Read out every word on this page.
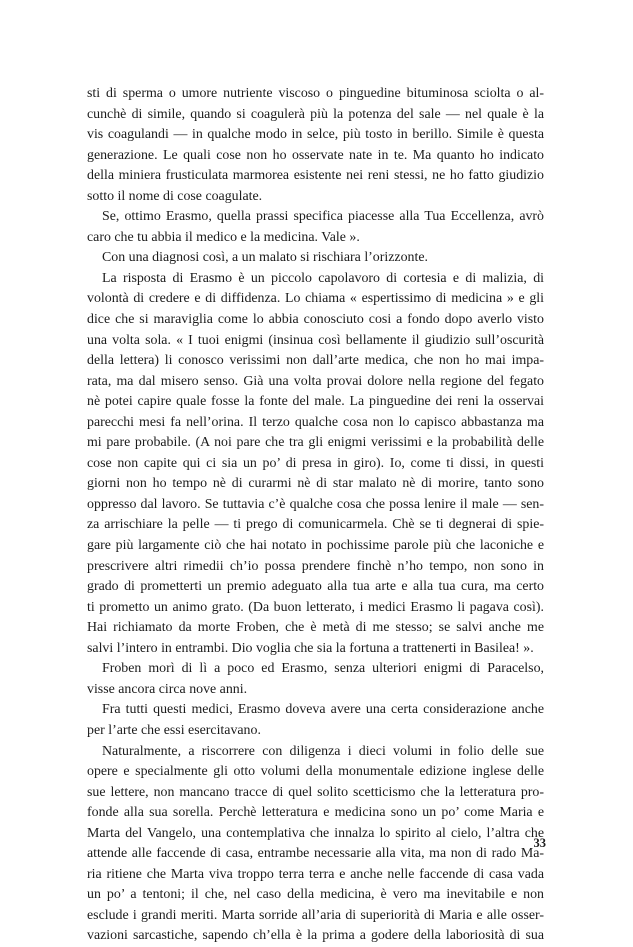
sti di sperma o umore nutriente viscoso o pinguedine bituminosa sciolta o al-
cunchè di simile, quando si coagulerà più la potenza del sale — nel quale è la
vis coagulandi — in qualche modo in selce, più tosto in berillo. Simile è questa
generazione. Le quali cose non ho osservate nate in te. Ma quanto ho indicato
della miniera frusticulata marmorea esistente nei reni stessi, ne ho fatto giudizio
sotto il nome di cose coagulate.
Se, ottimo Erasmo, quella prassi specifica piacesse alla Tua Eccellenza, avrò
caro che tu abbia il medico e la medicina. Vale ».
Con una diagnosi così, a un malato si rischiara l’orizzonte.
La risposta di Erasmo è un piccolo capolavoro di cortesia e di malizia, di
volontà di credere e di diffidenza. Lo chiama « espertissimo di medicina » e gli
dice che si maraviglia come lo abbia conosciuto cosi a fondo dopo averlo visto
una volta sola. « I tuoi enigmi (insinua così bellamente il giudizio sull’oscurità
della lettera) li conosco verissimi non dall’arte medica, che non ho mai impa-
rata, ma dal misero senso. Già una volta provai dolore nella regione del fegato
nè potei capire quale fosse la fonte del male. La pinguedine dei reni la osservai
parecchi mesi fa nell’orina. Il terzo qualche cosa non lo capisco abbastanza ma
mi pare probabile. (A noi pare che tra gli enigmi verissimi e la probabilità delle
cose non capite qui ci sia un po’ di presa in giro). Io, come ti dissi, in questi
giorni non ho tempo nè di curarmi nè di star malato nè di morire, tanto sono
oppresso dal lavoro. Se tuttavia c’è qualche cosa che possa lenire il male — sen-
za arrischiare la pelle — ti prego di comunicarmela. Chè se ti degnerai di spie-
gare più largamente ciò che hai notato in pochissime parole più che laconiche e
prescrivere altri rimedii ch’io possa prendere finchè n’ho tempo, non sono in
grado di prometterti un premio adeguato alla tua arte e alla tua cura, ma certo
ti prometto un animo grato. (Da buon letterato, i medici Erasmo li pagava così).
Hai richiamato da morte Froben, che è metà di me stesso; se salvi anche me
salvi l’intero in entrambi. Dio voglia che sia la fortuna a trattenerti in Basilea! ».
Froben morì di lì a poco ed Erasmo, senza ulteriori enigmi di Paracelso,
visse ancora circa nove anni.
Fra tutti questi medici, Erasmo doveva avere una certa considerazione anche
per l’arte che essi esercitavano.
Naturalmente, a riscorrere con diligenza i dieci volumi in folio delle sue
opere e specialmente gli otto volumi della monumentale edizione inglese delle
sue lettere, non mancano tracce di quel solito scetticismo che la letteratura pro-
fonde alla sua sorella. Perchè letteratura e medicina sono un po’ come Maria e
Marta del Vangelo, una contemplativa che innalza lo spirito al cielo, l’altra che
attende alle faccende di casa, entrambe necessarie alla vita, ma non di rado Ma-
ria ritiene che Marta viva troppo terra terra e anche nelle faccende di casa vada
un po’ a tentoni; il che, nel caso della medicina, è vero ma inevitabile e non
esclude i grandi meriti. Marta sorride all’aria di superiorità di Maria e alle osser-
vazioni sarcastiche, sapendo ch’ella è la prima a godere della laboriosità di sua
33
